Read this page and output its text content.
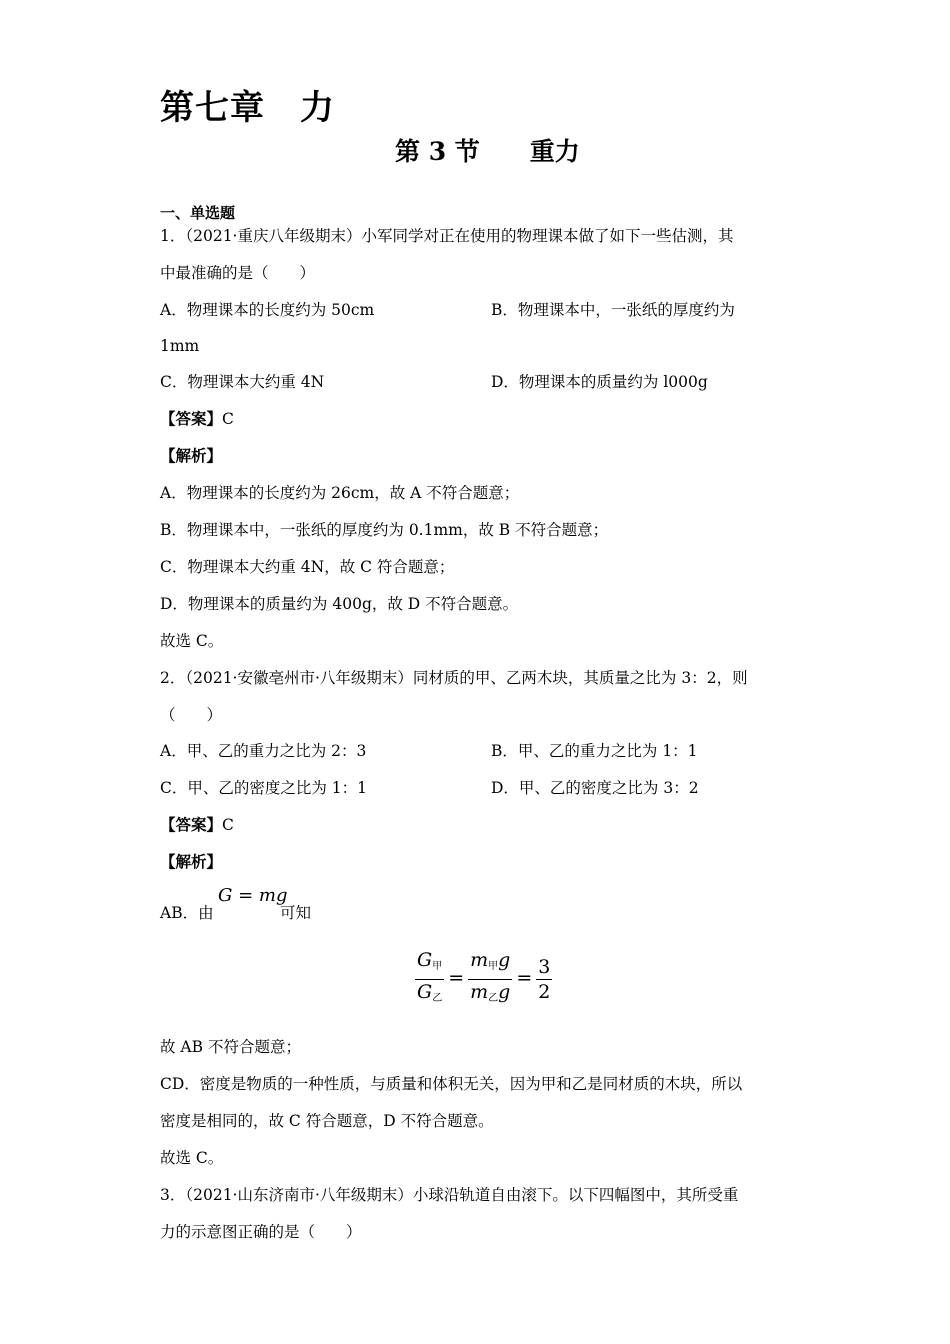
第七章　力
第 3 节　　重力
一、单选题
1．（2021·重庆八年级期末）小军同学对正在使用的物理课本做了如下一些估测，其
中最准确的是（　　）
A．物理课本的长度约为 50cm	B．物理课本中，一张纸的厚度约为
1mm
C．物理课本大约重 4N	D．物理课本的质量约为 l000g
【答案】C
【解析】
A．物理课本的长度约为 26cm，故 A 不符合题意；
B．物理课本中，一张纸的厚度约为 0.1mm，故 B 不符合题意；
C．物理课本大约重 4N，故 C 符合题意；
D．物理课本的质量约为 400g，故 D 不符合题意。
故选 C。
2．（2021·安徽亳州市·八年级期末）同材质的甲、乙两木块，其质量之比为 3：2，则
（　　）
A．甲、乙的重力之比为 2：3	B．甲、乙的重力之比为 1：1
C．甲、乙的密度之比为 1：1	D．甲、乙的密度之比为 3：2
【答案】C
【解析】
AB．由
G = mg
可知
$\frac{G_甲}{G_乙} = \frac{m_甲g}{m_乙g} = \frac{3}{2}$
故 AB 不符合题意；
CD．密度是物质的一种性质，与质量和体积无关，因为甲和乙是同材质的木块，所以
密度是相同的，故 C 符合题意，D 不符合题意。
故选 C。
3．（2021·山东济南市·八年级期末）小球沿轨道自由滚下。以下四幅图中，其所受重
力的示意图正确的是（　　）
